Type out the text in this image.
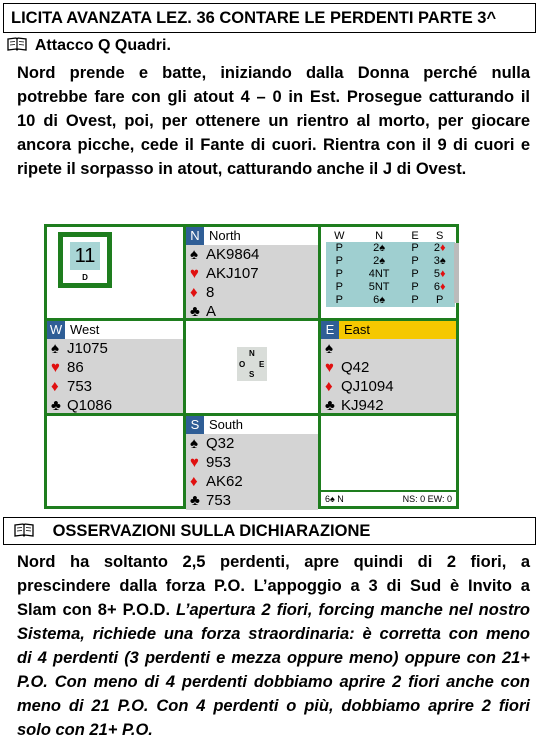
LICITA AVANZATA LEZ. 36 CONTARE LE PERDENTI PARTE 3^
Attacco Q Quadri.
Nord prende e batte, iniziando dalla Donna perché nulla
potrebbe fare con gli atout 4 – 0 in Est. Prosegue catturando il
10 di Ovest, poi, per ottenere un rientro al morto, per giocare
ancora picche, cede il Fante di cuori. Rientra con il 9 di cuori e
ripete il sorpasso in atout, catturando anche il J di Ovest.
11
D
N North
♠ AK9864
♥ AKJ107
♦ 8
♣ A
W	N	E	S
P	2♠	P	2♦
P	2♠	P	3♠
P	4NT	P	5♦
P	5NT	P	6♦
P	6♠	P	P
W West
♠ J1075
♥ 86
♦ 753
♣ Q1086
N
O E
S
E East
♠
♥ Q42
♦ QJ1094
♣ KJ942
S South
♠ Q32
♥ 953
♦ AK62
♣ 753	6♠ N	NS: 0 EW: 0
OSSERVAZIONI SULLA DICHIARAZIONE
Nord ha soltanto 2,5 perdenti, apre quindi di 2 fiori, a
prescindere dalla forza P.O. L’appoggio a 3 di Sud è Invito a
Slam con 8+ P.O.D. L’apertura 2 fiori, forcing manche nel nostro
Sistema, richiede una forza straordinaria: è corretta con meno
di 4 perdenti (3 perdenti e mezza oppure meno) oppure con 21+
P.O. Con meno di 4 perdenti dobbiamo aprire 2 fiori anche con
meno di 21 P.O. Con 4 perdenti o più, dobbiamo aprire 2 fiori
solo con 21+ P.O.
